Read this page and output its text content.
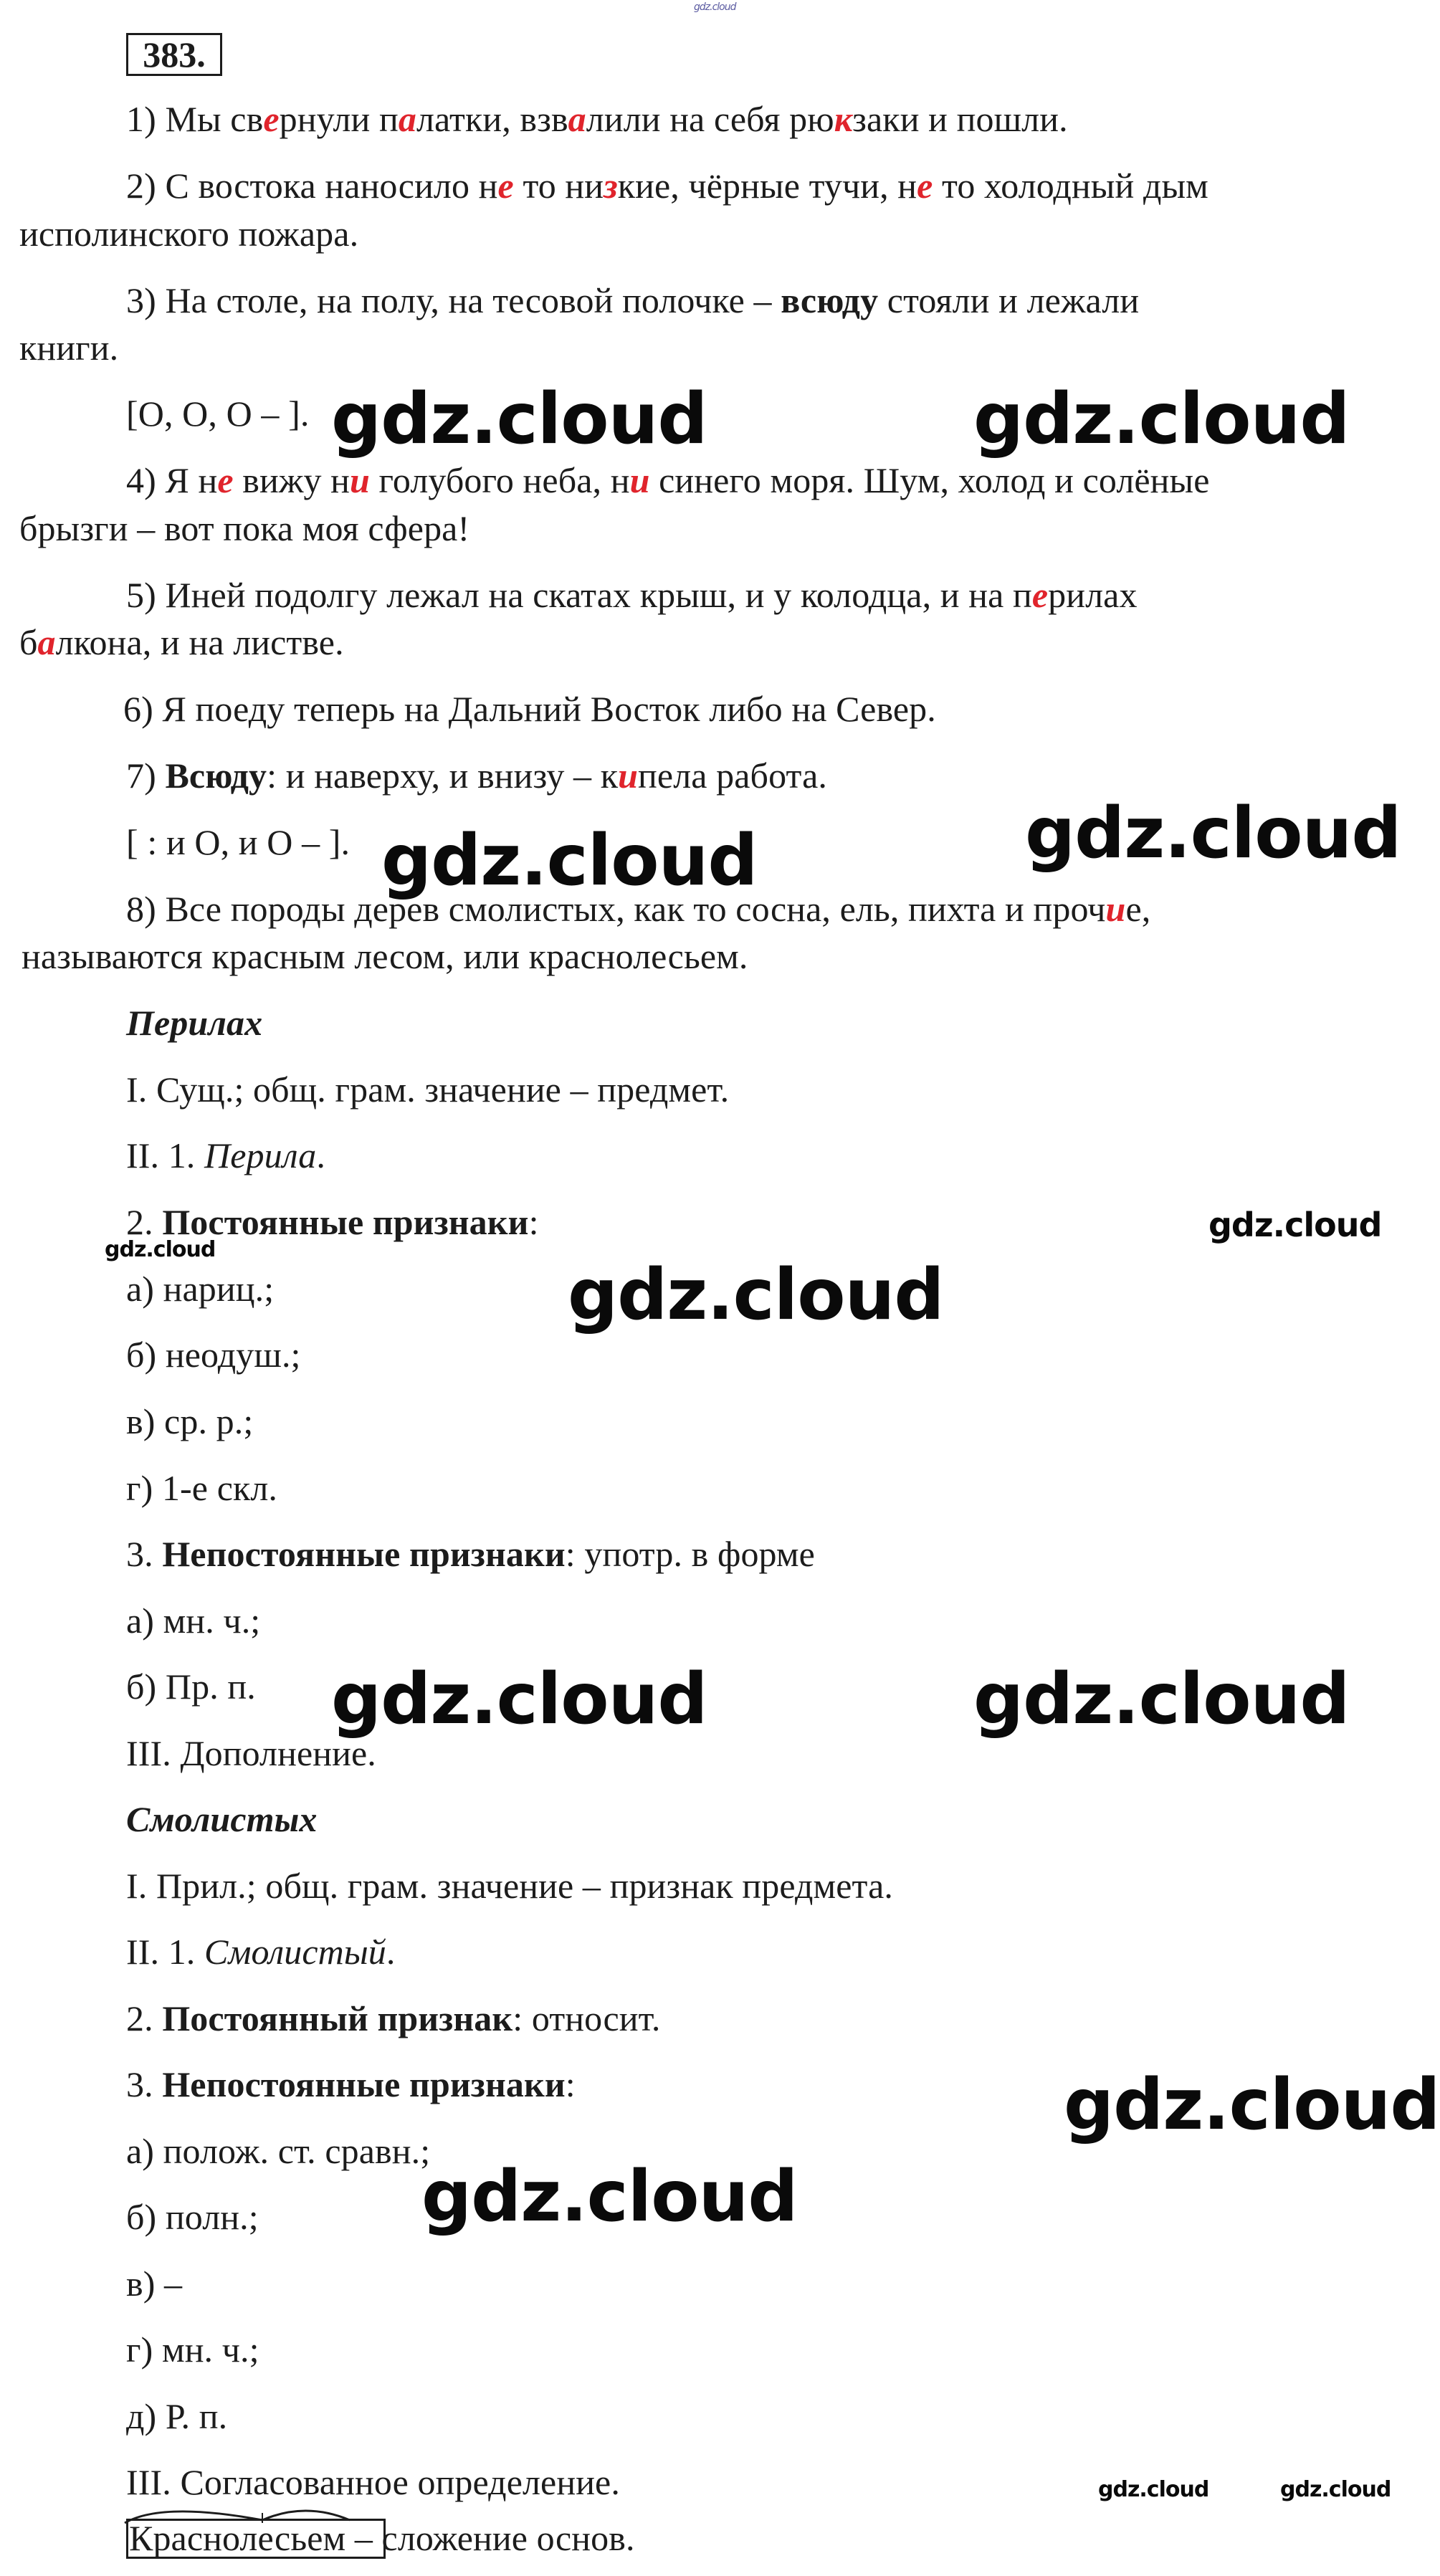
gdz.cloud
383.
1) Мы свернули палатки, взвалили на себя рюкзаки и пошли.
2) С востока наносило не то низкие, чёрные тучи, не то холодный дым
исполинского пожара.
3) На столе, на полу, на тесовой полочке – всюду стояли и лежали
книги.
[O, O, O – ].
4) Я не вижу ни голубого неба, ни синего моря. Шум, холод и солёные
брызги – вот пока моя сфера!
5) Иней подолгу лежал на скатах крыш, и у колодца, и на перилах
балкона, и на листве.
6) Я поеду теперь на Дальний Восток либо на Север.
7) Всюду: и наверху, и внизу – кипела работа.
[ : и O, и O – ].
8) Все породы дерев смолистых, как то сосна, ель, пихта и прочие,
называются красным лесом, или краснолесьем.
Перилах
I. Сущ.; общ. грам. значение – предмет.
II. 1. Перила.
2. Постоянные признаки:
а) нариц.;
б) неодуш.;
в) ср. р.;
г) 1-е скл.
3. Непостоянные признаки: употр. в форме
а) мн. ч.;
б) Пр. п.
III. Дополнение.
Смолистых
I. Прил.; общ. грам. значение – признак предмета.
II. 1. Смолистый.
2. Постоянный признак: относит.
3. Непостоянные признаки:
а) полож. ст. сравн.;
б) полн.;
в) –
г) мн. ч.;
д) Р. п.
III. Согласованное определение.
Краснолесьем – сложение основ.
gdz.cloud	gdz.cloud
gdz.cloud
gdz.cloud
gdz.cloud
gdz.cloud
gdz.cloud
gdz.cloud	gdz.cloud
gdz.cloud
gdz.cloud
gdz.cloud	gdz.cloud
